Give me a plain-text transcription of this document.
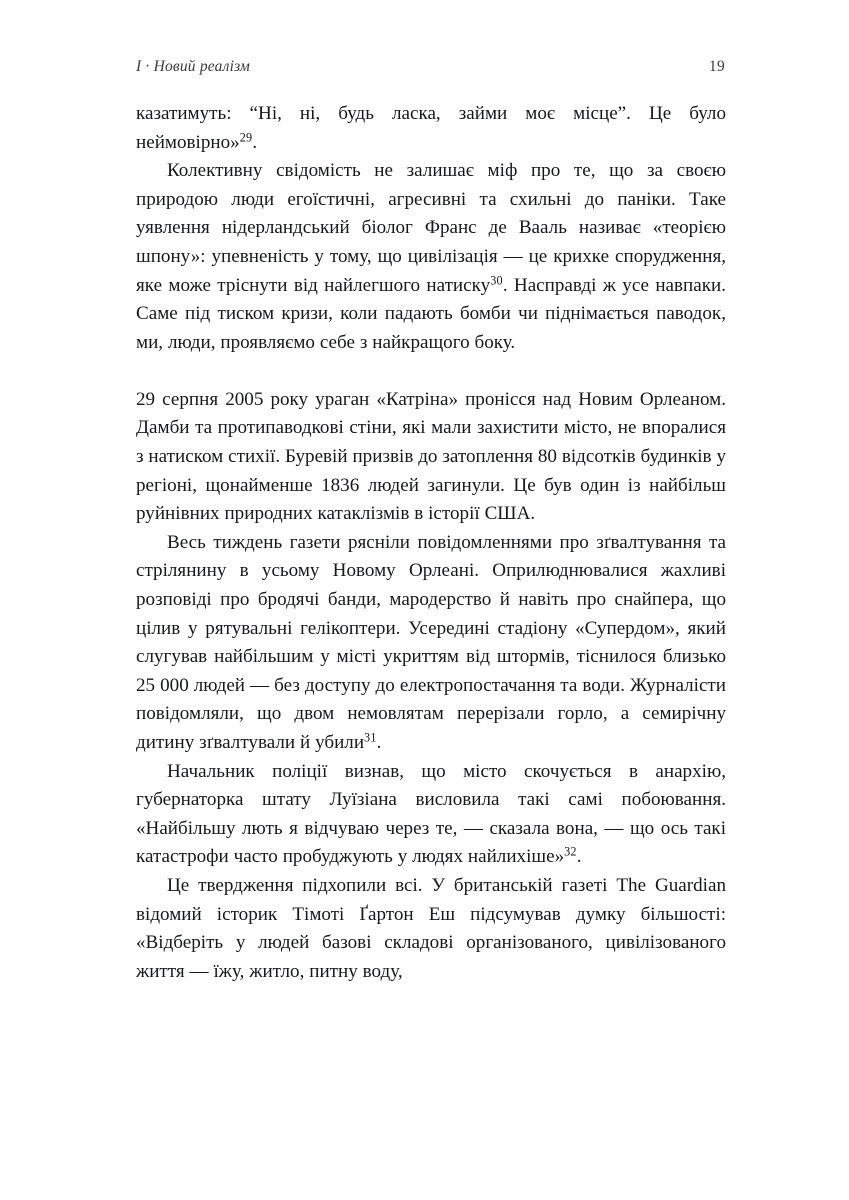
I · Новий реалізм	19

казатимуть: “Ні, ні, будь ласка, займи моє місце”. Це було неймовірно»$^{29}$.

Колективну свідомість не залишає міф про те, що за своєю природою люди егоїстичні, агресивні та схильні до паніки. Таке уявлення нідерландський біолог Франс де Вааль називає «теорією шпону»: упевненість у тому, що цивілізація — це крихке спорудження, яке може тріснути від найлегшого натиску$^{30}$. Насправді ж усе навпаки. Саме під тиском кризи, коли падають бомби чи піднімається паводок, ми, люди, проявляємо себе з найкращого боку.

29 серпня 2005 року ураган «Катріна» пронісся над Новим Орлеаном. Дамби та протипаводкові стіни, які мали захистити місто, не впоралися з натиском стихії. Буревій призвів до затоплення 80 відсотків будинків у регіоні, щонайменше 1836 людей загинули. Це був один із найбільш руйнівних природних катаклізмів в історії США.

Весь тиждень газети рясніли повідомленнями про зґвалтування та стрілянину в усьому Новому Орлеані. Оприлюднювалися жахливі розповіді про бродячі банди, мародерство й навіть про снайпера, що цілив у рятувальні гелікоптери. Усередині стадіону «Супердом», який слугував найбільшим у місті укриттям від штормів, тіснилося близько 25 000 людей — без доступу до електропостачання та води. Журналісти повідомляли, що двом немовлятам перерізали горло, а семирічну дитину зґвалтували й убили$^{31}$.

Начальник поліції визнав, що місто скочується в анархію, губернаторка штату Луїзіана висловила такі самі побоювання. «Найбільшу лють я відчуваю через те, — сказала вона, — що ось такі катастрофи часто пробуджують у людях найлихіше»$^{32}$.

Це твердження підхопили всі. У британській газеті The Guardian відомий історик Тімоті Ґартон Еш підсумував думку більшості: «Відберіть у людей базові складові організованого, цивілізованого життя — їжу, житло, питну воду,
